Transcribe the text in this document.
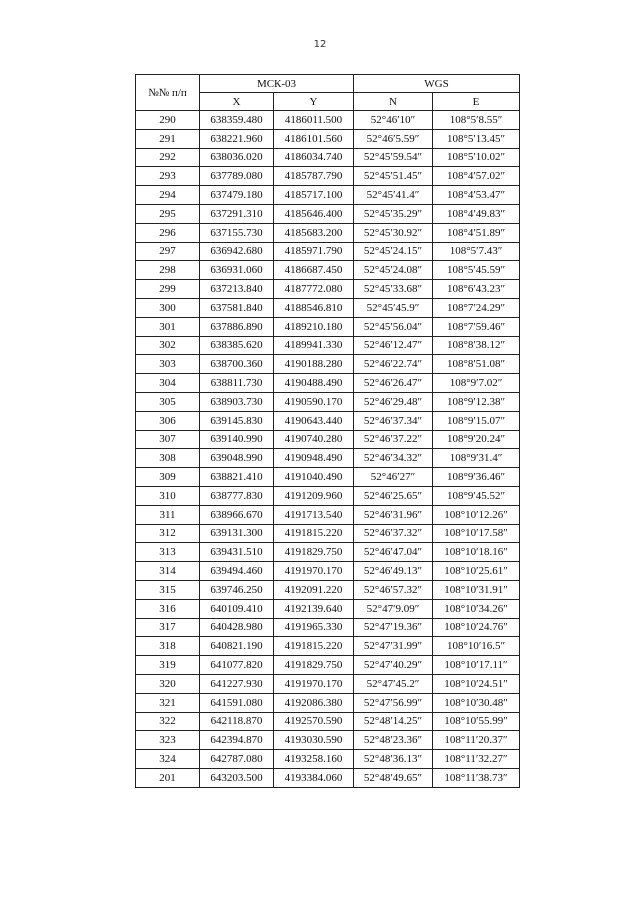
12
№№ п/п	МСК-03		WGS	
	X	Y	N	E
290	638359.480	4186011.500	52°46′10″	108°5′8.55″
291	638221.960	4186101.560	52°46′5.59″	108°5′13.45″
292	638036.020	4186034.740	52°45′59.54″	108°5′10.02″
293	637789.080	4185787.790	52°45′51.45″	108°4′57.02″
294	637479.180	4185717.100	52°45′41.4″	108°4′53.47″
295	637291.310	4185646.400	52°45′35.29″	108°4′49.83″
296	637155.730	4185683.200	52°45′30.92″	108°4′51.89″
297	636942.680	4185971.790	52°45′24.15″	108°5′7.43″
298	636931.060	4186687.450	52°45′24.08″	108°5′45.59″
299	637213.840	4187772.080	52°45′33.68″	108°6′43.23″
300	637581.840	4188546.810	52°45′45.9″	108°7′24.29″
301	637886.890	4189210.180	52°45′56.04″	108°7′59.46″
302	638385.620	4189941.330	52°46′12.47″	108°8′38.12″
303	638700.360	4190188.280	52°46′22.74″	108°8′51.08″
304	638811.730	4190488.490	52°46′26.47″	108°9′7.02″
305	638903.730	4190590.170	52°46′29.48″	108°9′12.38″
306	639145.830	4190643.440	52°46′37.34″	108°9′15.07″
307	639140.990	4190740.280	52°46′37.22″	108°9′20.24″
308	639048.990	4190948.490	52°46′34.32″	108°9′31.4″
309	638821.410	4191040.490	52°46′27″	108°9′36.46″
310	638777.830	4191209.960	52°46′25.65″	108°9′45.52″
311	638966.670	4191713.540	52°46′31.96″	108°10′12.26″
312	639131.300	4191815.220	52°46′37.32″	108°10′17.58″
313	639431.510	4191829.750	52°46′47.04″	108°10′18.16″
314	639494.460	4191970.170	52°46′49.13″	108°10′25.61″
315	639746.250	4192091.220	52°46′57.32″	108°10′31.91″
316	640109.410	4192139.640	52°47′9.09″	108°10′34.26″
317	640428.980	4191965.330	52°47′19.36″	108°10′24.76″
318	640821.190	4191815.220	52°47′31.99″	108°10′16.5″
319	641077.820	4191829.750	52°47′40.29″	108°10′17.11″
320	641227.930	4191970.170	52°47′45.2″	108°10′24.51″
321	641591.080	4192086.380	52°47′56.99″	108°10′30.48″
322	642118.870	4192570.590	52°48′14.25″	108°10′55.99″
323	642394.870	4193030.590	52°48′23.36″	108°11′20.37″
324	642787.080	4193258.160	52°48′36.13″	108°11′32.27″
201	643203.500	4193384.060	52°48′49.65″	108°11′38.73″
